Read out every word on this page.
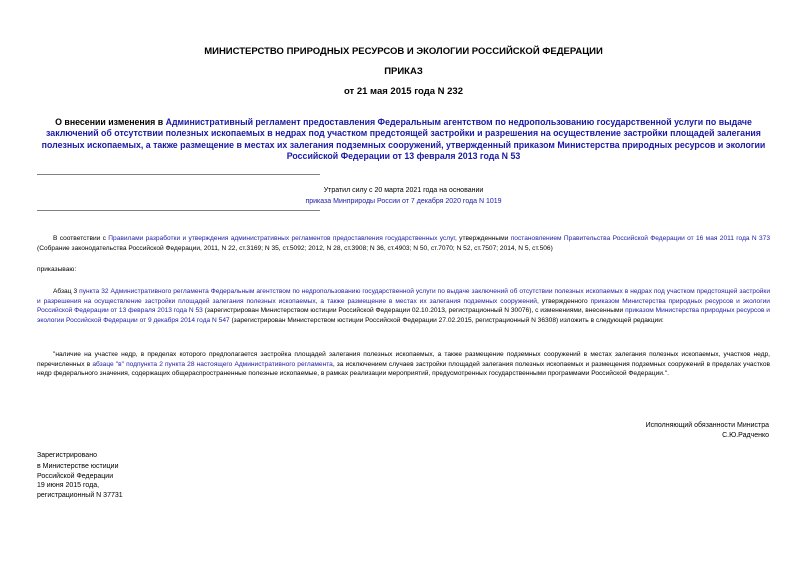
МИНИСТЕРСТВО ПРИРОДНЫХ РЕСУРСОВ И ЭКОЛОГИИ РОССИЙСКОЙ ФЕДЕРАЦИИ
ПРИКАЗ
от 21 мая 2015 года N 232
О внесении изменения в Административный регламент предоставления Федеральным агентством по недропользованию государственной услуги по выдаче заключений об отсутствии полезных ископаемых в недрах под участком предстоящей застройки и разрешения на осуществление застройки площадей залегания полезных ископаемых, а также размещение в местах их залегания подземных сооружений, утвержденный приказом Министерства природных ресурсов и экологии Российской Федерации от 13 февраля 2013 года N 53
Утратил силу с 20 марта 2021 года на основании
приказа Минприроды России от 7 декабря 2020 года N 1019
В соответствии с Правилами разработки и утверждения административных регламентов предоставления государственных услуг, утвержденными постановлением Правительства Российской Федерации от 16 мая 2011 года N 373 (Собрание законодательства Российской Федерации, 2011, N 22, ст.3169; N 35, ст.5092; 2012, N 28, ст.3908; N 36, ст.4903; N 50, ст.7070; N 52, ст.7507; 2014, N 5, ст.506)
приказываю:
Абзац 3 пункта 32 Административного регламента Федеральным агентством по недропользованию государственной услуги по выдаче заключений об отсутствии полезных ископаемых в недрах под участком предстоящей застройки и разрешения на осуществление застройки площадей залегания полезных ископаемых, а также размещение в местах их залегания подземных сооружений, утвержденного приказом Министерства природных ресурсов и экологии Российской Федерации от 13 февраля 2013 года N 53 (зарегистрирован Министерством юстиции Российской Федерации 02.10.2013, регистрационный N 30076), с изменениями, внесенными приказом Министерства природных ресурсов и экологии Российской Федерации от 9 декабря 2014 года N 547 (зарегистрирован Министерством юстиции Российской Федерации 27.02.2015, регистрационный N 36308) изложить в следующей редакции:
"наличие на участке недр, в пределах которого предполагается застройка площадей залегания полезных ископаемых, а также размещение подземных сооружений в местах залегания полезных ископаемых, участков недр, перечисленных в абзаце "в" подпункта 2 пункта 28 настоящего Административного регламента, за исключением случаев застройки площадей залегания полезных ископаемых и размещения подземных сооружений в пределах участков недр федерального значения, содержащих общераспространенные полезные ископаемые, в рамках реализации мероприятий, предусмотренных государственными программами Российской Федерации.".
Исполняющий обязанности Министра
С.Ю.Радченко
Зарегистрировано
в Министерстве юстиции
Российской Федерации
19 июня 2015 года,
регистрационный N 37731
